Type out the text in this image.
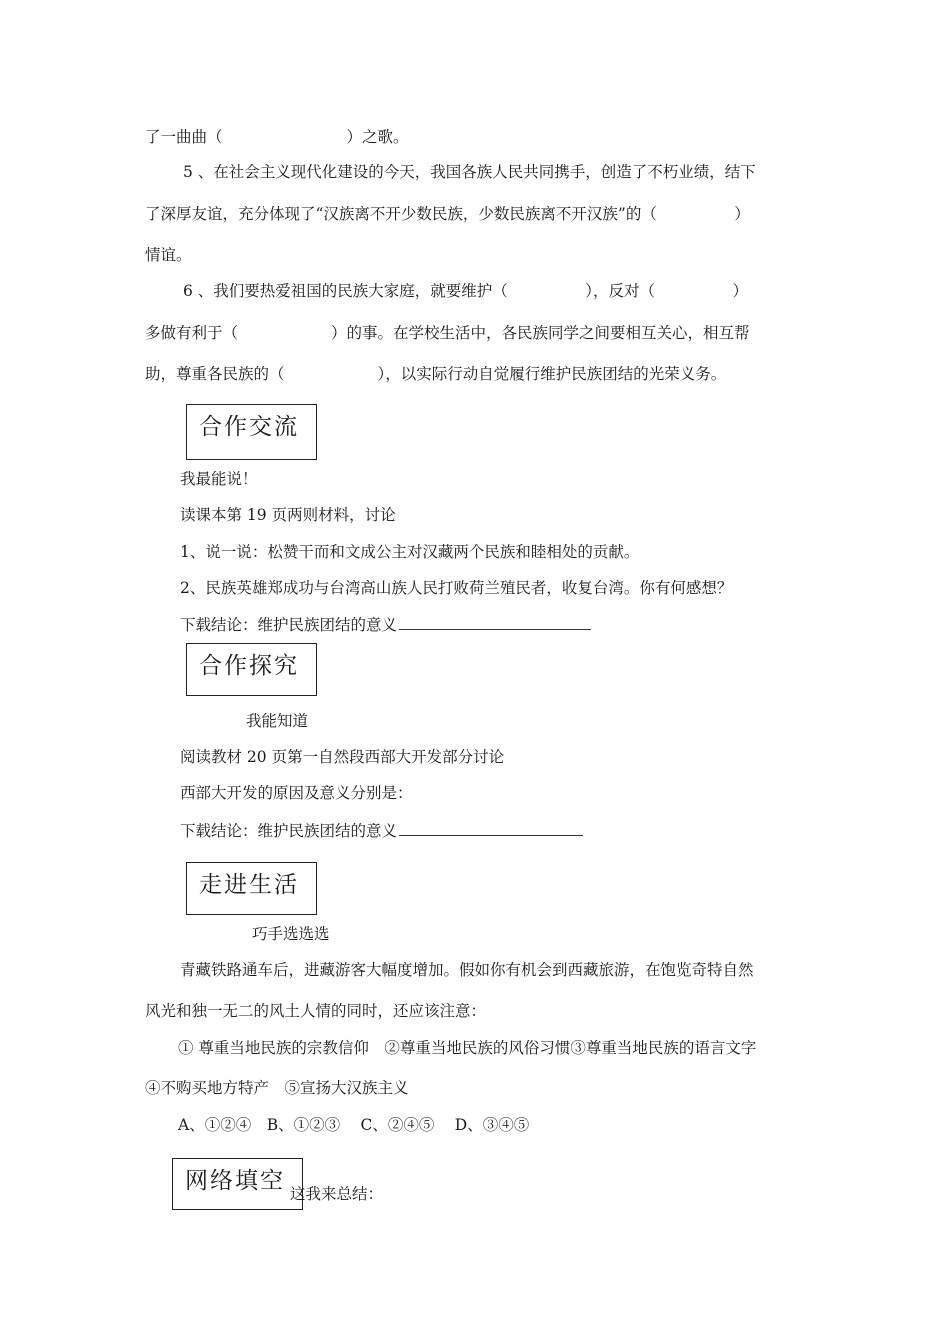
了一曲曲（　　　　　　　　）之歌。
5 、在社会主义现代化建设的今天，我国各族人民共同携手，创造了不朽业绩，结下
了深厚友谊，充分体现了“汉族离不开少数民族，少数民族离不开汉族”的（　　　　　）
情谊。
6 、我们要热爱祖国的民族大家庭，就要维护（　　　　　），反对（　　　　　）
多做有利于（　　　　　　）的事。在学校生活中，各民族同学之间要相互关心，相互帮
助，尊重各民族的（　　　　　　），以实际行动自觉履行维护民族团结的光荣义务。
合作交流
我最能说！
读课本第 19 页两则材料，讨论
1、说一说：松赞干而和文成公主对汉藏两个民族和睦相处的贡献。
2、民族英雄郑成功与台湾高山族人民打败荷兰殖民者，收复台湾。你有何感想？
下载结论：维护民族团结的意义
合作探究
我能知道
阅读教材 20 页第一自然段西部大开发部分讨论
西部大开发的原因及意义分别是：
下载结论：维护民族团结的意义
走进生活
巧手选选选
青藏铁路通车后，进藏游客大幅度增加。假如你有机会到西藏旅游，在饱览奇特自然
风光和独一无二的风土人情的同时，还应该注意：
① 尊重当地民族的宗教信仰　②尊重当地民族的风俗习惯③尊重当地民族的语言文字
④不购买地方特产　⑤宣扬大汉族主义
A、①②④　B、①②③　 C、②④⑤　 D、③④⑤
网络填空 这我来总结：
